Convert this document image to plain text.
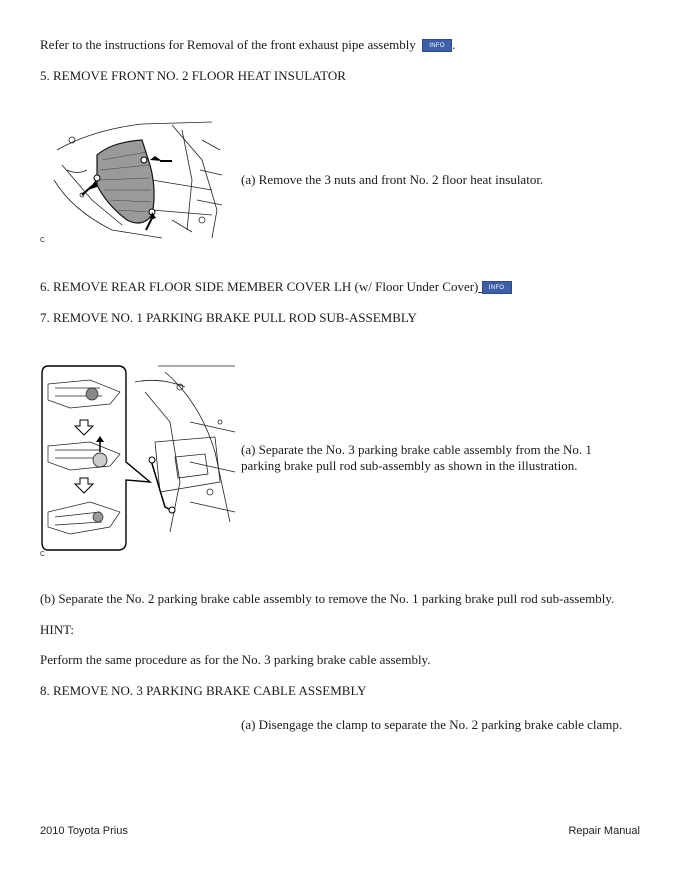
Refer to the instructions for Removal of the front exhaust pipe assembly INFO .
5. REMOVE FRONT NO. 2 FLOOR HEAT INSULATOR
C
(a) Remove the 3 nuts and front No. 2 floor heat insulator.
6. REMOVE REAR FLOOR SIDE MEMBER COVER LH (w/ Floor Under Cover) INFO
7. REMOVE NO. 1 PARKING BRAKE PULL ROD SUB-ASSEMBLY
C
(a) Separate the No. 3 parking brake cable assembly from the No. 1
parking brake pull rod sub-assembly as shown in the illustration.
(b) Separate the No. 2 parking brake cable assembly to remove the No. 1 parking brake pull rod sub-assembly.
HINT:
Perform the same procedure as for the No. 3 parking brake cable assembly.
8. REMOVE NO. 3 PARKING BRAKE CABLE ASSEMBLY
(a) Disengage the clamp to separate the No. 2 parking brake cable clamp.
2010 Toyota Prius	Repair Manual
